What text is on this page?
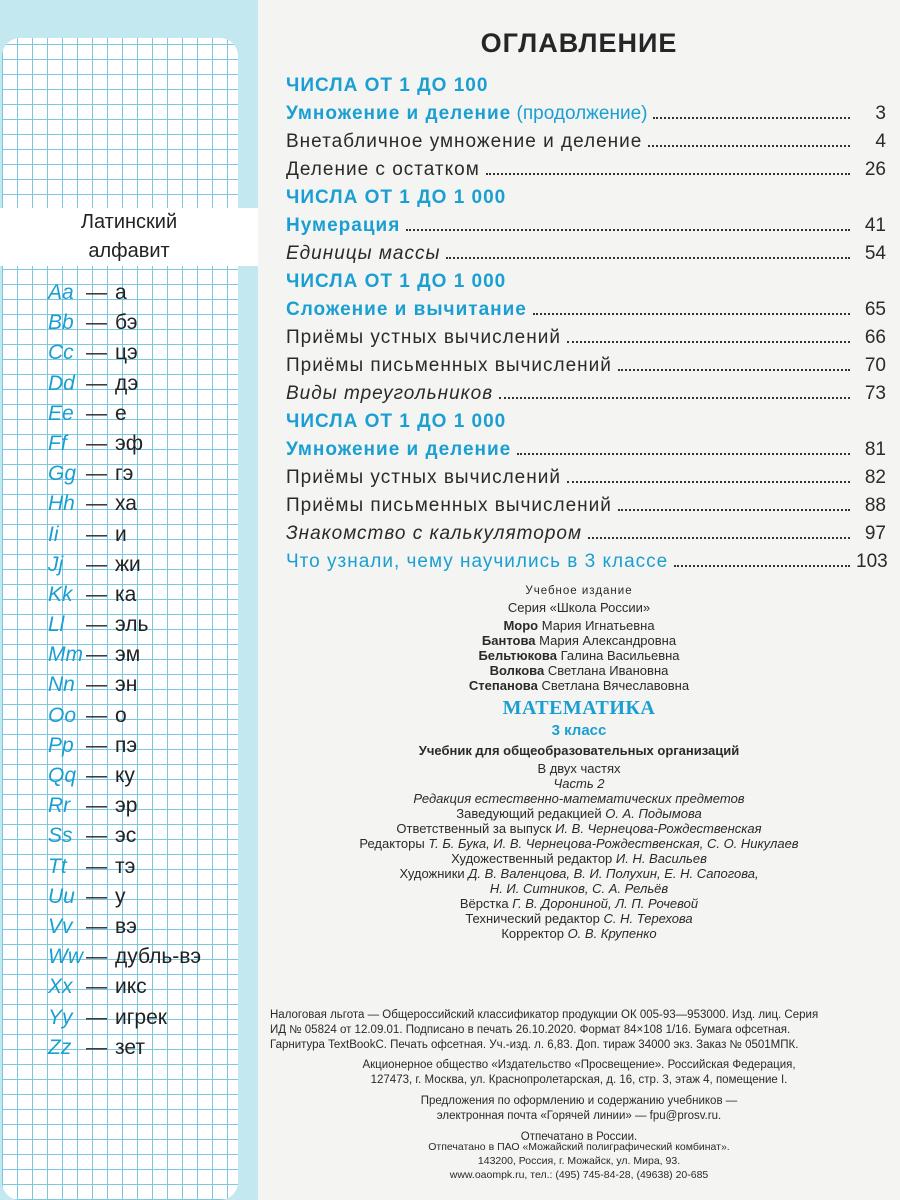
Латинский
алфавит
Aa — а
Bb — бэ
Cc — цэ
Dd — дэ
Ee — е
Ff — эф
Gg — гэ
Hh — ха
Ii — и
Jj — жи
Kk — ка
Ll — эль
Mm — эм
Nn — эн
Oo — о
Pp — пэ
Qq — ку
Rr — эр
Ss — эс
Tt — тэ
Uu — у
Vv — вэ
Ww — дубль-вэ
Xx — икс
Yy — игрек
Zz — зет
ОГЛАВЛЕНИЕ
ЧИСЛА ОТ 1 ДО 100
Умножение и деление (продолжение)	3
Внетабличное умножение и деление	4
Деление с остатком	26
ЧИСЛА ОТ 1 ДО 1 000
Нумерация	41
Единицы массы	54
ЧИСЛА ОТ 1 ДО 1 000
Сложение и вычитание	65
Приёмы устных вычислений	66
Приёмы письменных вычислений	70
Виды треугольников	73
ЧИСЛА ОТ 1 ДО 1 000
Умножение и деление	81
Приёмы устных вычислений	82
Приёмы письменных вычислений	88
Знакомство с калькулятором	97
Что узнали, чему научились в 3 классе	103
Учебное издание
Серия «Школа России»
Моро Мария Игнатьевна
Бантова Мария Александровна
Бельтюкова Галина Васильевна
Волкова Светлана Ивановна
Степанова Светлана Вячеславовна
МАТЕМАТИКА
3 класс
Учебник для общеобразовательных организаций
В двух частях
Часть 2
Редакция естественно-математических предметов
Заведующий редакцией О. А. Подымова
Ответственный за выпуск И. В. Чернецова-Рождественская
Редакторы Т. Б. Бука, И. В. Чернецова-Рождественская, С. О. Никулаев
Художественный редактор И. Н. Васильев
Художники Д. В. Валенцова, В. И. Полухин, Е. Н. Сапогова,
Н. И. Ситников, С. А. Рельёв
Вёрстка Г. В. Дорониной, Л. П. Рочевой
Технический редактор С. Н. Терехова
Корректор О. В. Крупенко
Налоговая льгота — Общероссийский классификатор продукции ОК 005-93—953000. Изд. лиц. Серия
ИД № 05824 от 12.09.01. Подписано в печать 26.10.2020. Формат 84×108 1/16. Бумага офсетная.
Гарнитура TextBookC. Печать офсетная. Уч.-изд. л. 6,83. Доп. тираж 34000 экз. Заказ № 0501МПК.
Акционерное общество «Издательство «Просвещение». Российская Федерация,
127473, г. Москва, ул. Краснопролетарская, д. 16, стр. 3, этаж 4, помещение I.
Предложения по оформлению и содержанию учебников —
электронная почта «Горячей линии» — fpu@prosv.ru.
Отпечатано в России.
Отпечатано в ПАО «Можайский полиграфический комбинат».
143200, Россия, г. Можайск, ул. Мира, 93.
www.oaompk.ru, тел.: (495) 745-84-28, (49638) 20-685
